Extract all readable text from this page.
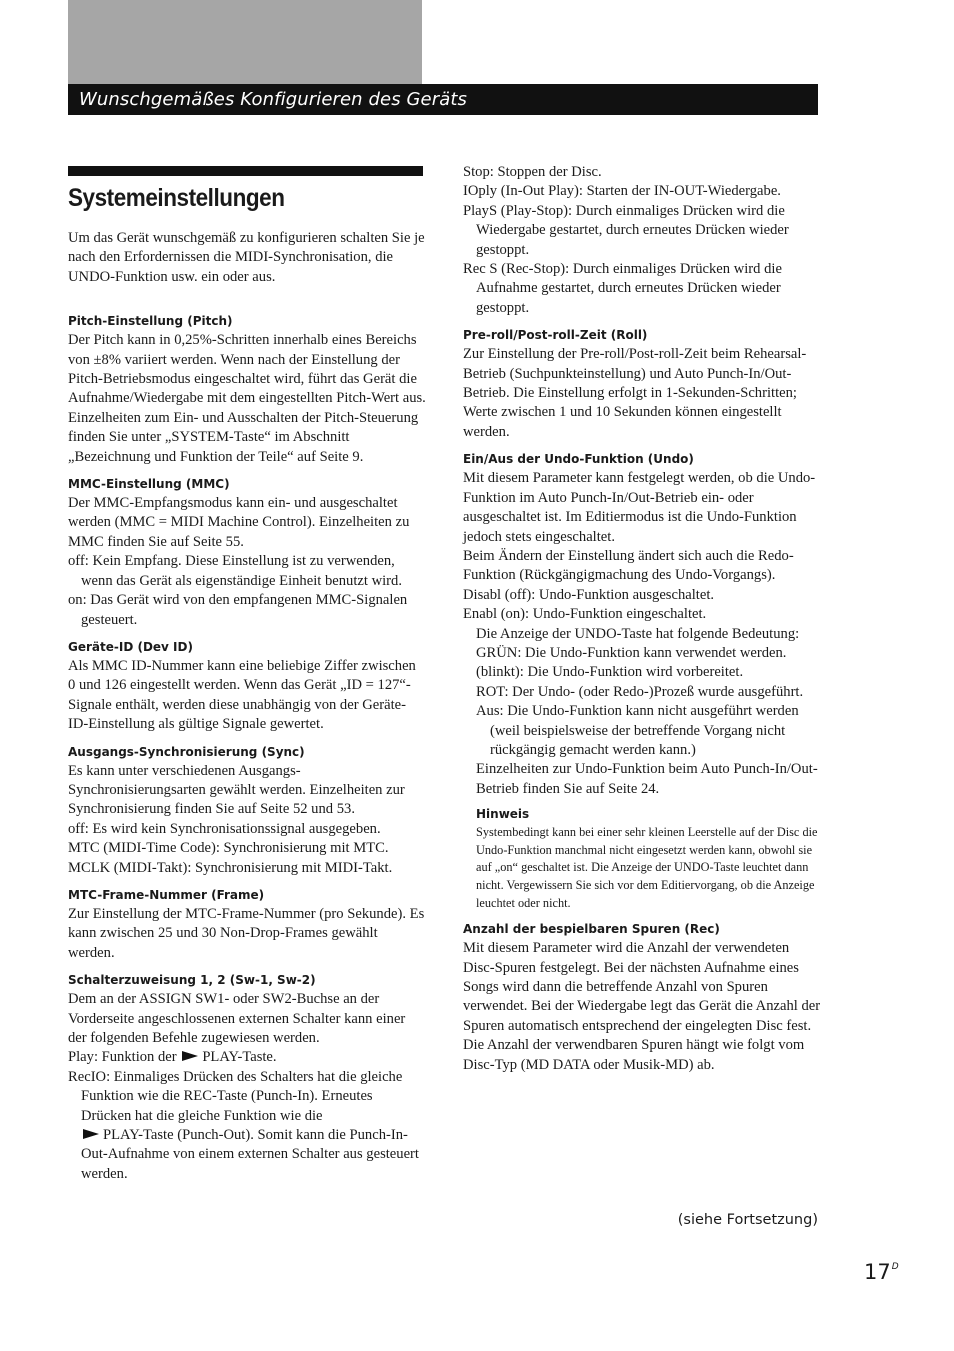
Wunschgemäßes Konfigurieren des Geräts
Systemeinstellungen

Um das Gerät wunschgemäß zu konfigurieren schalten Sie je nach den Erfordernissen die MIDI-Synchronisation, die UNDO-Funktion usw. ein oder aus.

Pitch-Einstellung (Pitch)

Der Pitch kann in 0,25%-Schritten innerhalb eines Bereichs von ±8% variiert werden. Wenn nach der Einstellung der Pitch-Betriebsmodus eingeschaltet wird, führt das Gerät die Aufnahme/Wiedergabe mit dem eingestellten Pitch-Wert aus.

Einzelheiten zum Ein- und Ausschalten der Pitch-Steuerung finden Sie unter „SYSTEM-Taste“ im Abschnitt „Bezeichnung und Funktion der Teile“ auf Seite 9.

MMC-Einstellung (MMC)

Der MMC-Empfangsmodus kann ein- und ausgeschaltet werden (MMC = MIDI Machine Control). Einzelheiten zu MMC finden Sie auf Seite 55.

off: Kein Empfang. Diese Einstellung ist zu verwenden, wenn das Gerät als eigenständige Einheit benutzt wird.

on: Das Gerät wird von den empfangenen MMC-Signalen gesteuert.

Geräte-ID (Dev ID)

Als MMC ID-Nummer kann eine beliebige Ziffer zwischen 0 und 126 eingestellt werden. Wenn das Gerät „ID = 127“-Signale enthält, werden diese unabhängig von der Geräte-ID-Einstellung als gültige Signale gewertet.

Ausgangs-Synchronisierung (Sync)

Es kann unter verschiedenen Ausgangs-Synchronisierungsarten gewählt werden. Einzelheiten zur Synchronisierung finden Sie auf Seite 52 und 53.

off: Es wird kein Synchronisationssignal ausgegeben.

MTC (MIDI-Time Code): Synchronisierung mit MTC.

MCLK (MIDI-Takt): Synchronisierung mit MIDI-Takt.

MTC-Frame-Nummer (Frame)

Zur Einstellung der MTC-Frame-Nummer (pro Sekunde). Es kann zwischen 25 und 30 Non-Drop-Frames gewählt werden.

Schalterzuweisung 1, 2 (Sw-1, Sw-2)

Dem an der ASSIGN SW1- oder SW2-Buchse an der Vorderseite angeschlossenen externen Schalter kann einer der folgenden Befehle zugewiesen werden.

Play: Funktion der PLAY-Taste.

RecIO: Einmaliges Drücken des Schalters hat die gleiche Funktion wie die REC-Taste (Punch-In). Erneutes Drücken hat die gleiche Funktion wie die
PLAY-Taste (Punch-Out). Somit kann die Punch-In-Out-Aufnahme von einem externen Schalter aus gesteuert werden.

Stop: Stoppen der Disc.

IOply (In-Out Play): Starten der IN-OUT-Wiedergabe.

PlayS (Play-Stop): Durch einmaliges Drücken wird die Wiedergabe gestartet, durch erneutes Drücken wieder gestoppt.

Rec S (Rec-Stop): Durch einmaliges Drücken wird die Aufnahme gestartet, durch erneutes Drücken wieder gestoppt.

Pre-roll/Post-roll-Zeit (Roll)

Zur Einstellung der Pre-roll/Post-roll-Zeit beim Rehearsal-Betrieb (Suchpunkteinstellung) und Auto Punch-In/Out-Betrieb. Die Einstellung erfolgt in 1-Sekunden-Schritten; Werte zwischen 1 und 10 Sekunden können eingestellt werden.

Ein/Aus der Undo-Funktion (Undo)

Mit diesem Parameter kann festgelegt werden, ob die Undo-Funktion im Auto Punch-In/Out-Betrieb ein- oder ausgeschaltet ist. Im Editiermodus ist die Undo-Funktion jedoch stets eingeschaltet.

Beim Ändern der Einstellung ändert sich auch die Redo-Funktion (Rückgängigmachung des Undo-Vorgangs).

Disabl (off): Undo-Funktion ausgeschaltet.

Enabl (on): Undo-Funktion eingeschaltet.

Die Anzeige der UNDO-Taste hat folgende Bedeutung:

GRÜN: Die Undo-Funktion kann verwendet werden.

(blinkt): Die Undo-Funktion wird vorbereitet.

ROT: Der Undo- (oder Redo-)Prozeß wurde ausgeführt.

Aus: Die Undo-Funktion kann nicht ausgeführt werden (weil beispielsweise der betreffende Vorgang nicht rückgängig gemacht werden kann.)

Einzelheiten zur Undo-Funktion beim Auto Punch-In/Out-Betrieb finden Sie auf Seite 24.

Hinweis

Systembedingt kann bei einer sehr kleinen Leerstelle auf der Disc die Undo-Funktion manchmal nicht eingesetzt werden kann, obwohl sie auf „on“ geschaltet ist. Die Anzeige der UNDO-Taste leuchtet dann nicht. Vergewissern Sie sich vor dem Editiervorgang, ob die Anzeige leuchtet oder nicht.

Anzahl der bespielbaren Spuren (Rec)

Mit diesem Parameter wird die Anzahl der verwendeten Disc-Spuren festgelegt. Bei der nächsten Aufnahme eines Songs wird dann die betreffende Anzahl von Spuren verwendet. Bei der Wiedergabe legt das Gerät die Anzahl der Spuren automatisch entsprechend der eingelegten Disc fest.

Die Anzahl der verwendbaren Spuren hängt wie folgt vom Disc-Typ (MD DATA oder Musik-MD) ab.

(siehe Fortsetzung)
$17^D$
